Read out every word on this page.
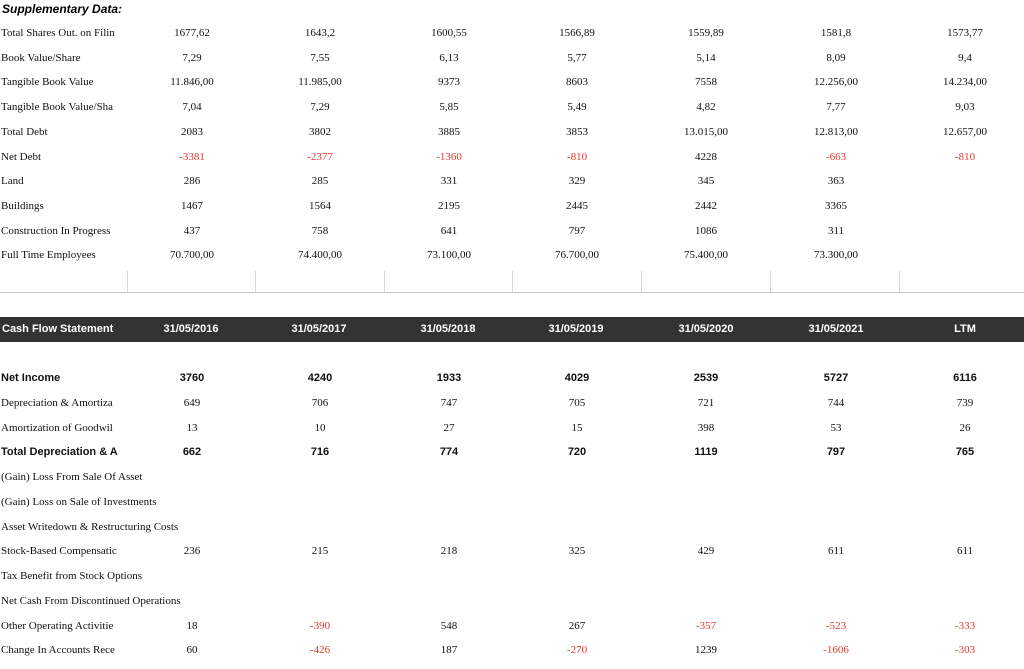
Supplementary Data:
Total Shares Out. on Filin	1677,62	1643,2	1600,55	1566,89	1559,89	1581,8	1573,77
Book Value/Share	7,29	7,55	6,13	5,77	5,14	8,09	9,4
Tangible Book Value	11.846,00	11.985,00	9373	8603	7558	12.256,00	14.234,00
Tangible Book Value/Sha	7,04	7,29	5,85	5,49	4,82	7,77	9,03
Total Debt	2083	3802	3885	3853	13.015,00	12.813,00	12.657,00
Net Debt	-3381	-2377	-1360	-810	4228	-663	-810
Land	286	285	331	329	345	363
Buildings	1467	1564	2195	2445	2442	3365
Construction In Progress	437	758	641	797	1086	311
Full Time Employees	70.700,00	74.400,00	73.100,00	76.700,00	75.400,00	73.300,00
Cash Flow Statement	31/05/2016	31/05/2017	31/05/2018	31/05/2019	31/05/2020	31/05/2021	LTM
Net Income	3760	4240	1933	4029	2539	5727	6116
Depreciation & Amortiza	649	706	747	705	721	744	739
Amortization of Goodwil	13	10	27	15	398	53	26
Total Depreciation & A	662	716	774	720	1119	797	765
(Gain) Loss From Sale Of Asset
(Gain) Loss on Sale of Investments
Asset Writedown & Restructuring Costs
Stock-Based Compensatic	236	215	218	325	429	611	611
Tax Benefit from Stock Options
Net Cash From Discontinued Operations
Other Operating Activitie	18	-390	548	267	-357	-523	-333
Change In Accounts Rece	60	-426	187	-270	1239	-1606	-303
